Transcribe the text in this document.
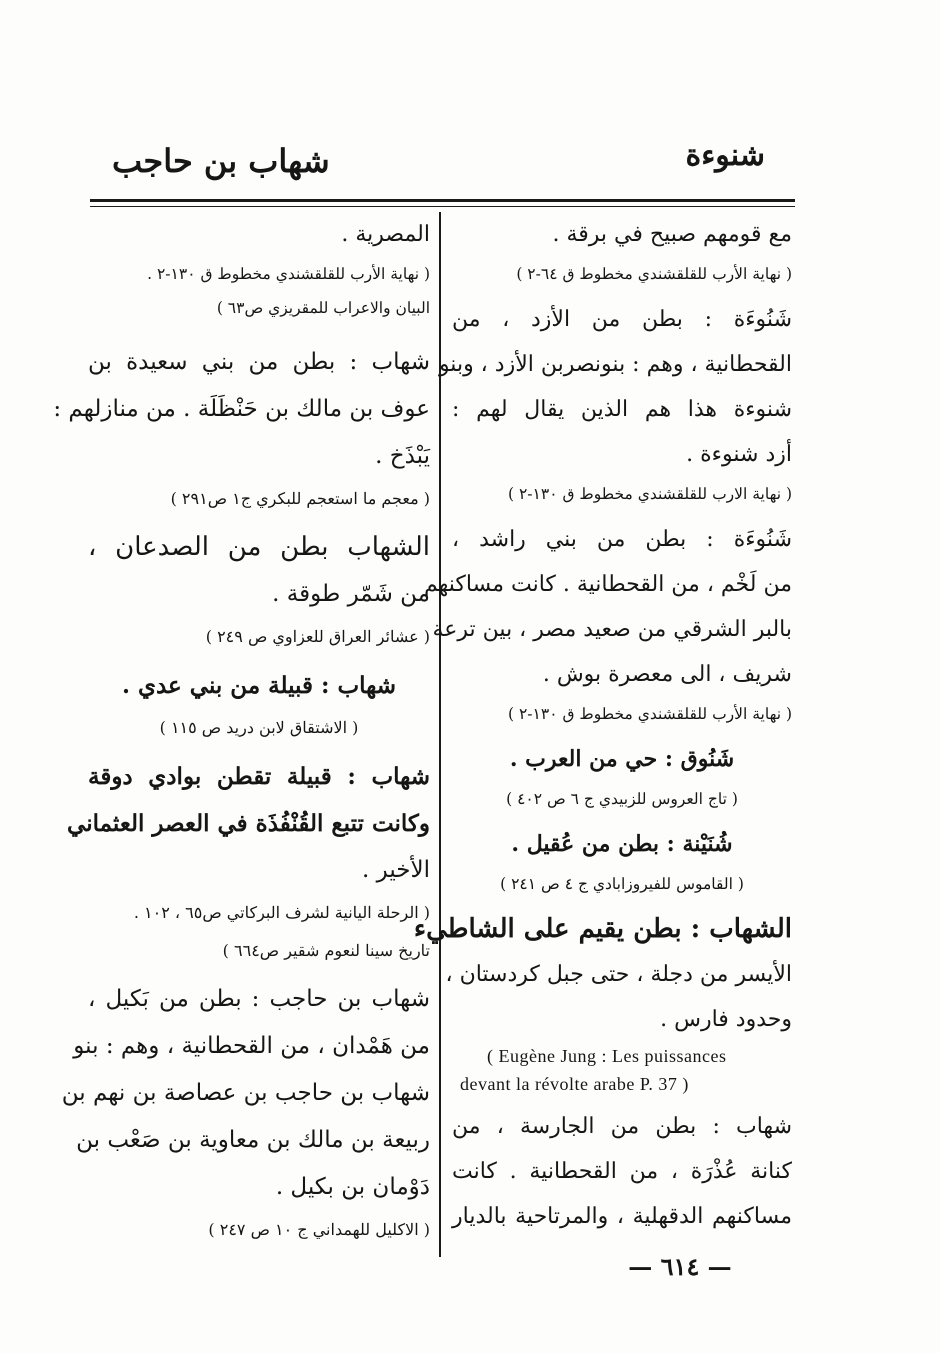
شنوءة
شهاب بن حاجب
مع قومهم صبيح في برقة .
( نهاية الأرب للقلقشندي مخطوط ق ٦٤-٢ )
شَنُوءَة : بطن من الأزد ، من
القحطانية ، وهم : بنونصربن الأزد ، وبنو
شنوءة هذا هم الذين يقال لهم :
أزد شنوءة .
( نهاية الارب للقلقشندي مخطوط ق ١٣٠-٢ )
شَنُوءَة : بطن من بني راشد ،
من لَخْم ، من القحطانية . كانت مساكنهم
بالبر الشرقي من صعيد مصر ، بين ترعة
شريف ، الى معصرة بوش .
( نهاية الأرب للقلقشندي مخطوط ق ١٣٠-٢ )
شَنُوق : حي من العرب .
( تاج العروس للزبيدي ج ٦ ص ٤٠٢ )
شُنَيْنة : بطن من عُقيل .
( القاموس للفيروزابادي ج ٤ ص ٢٤١ )
الشهاب : بطن يقيم على الشاطيء
الأيسر من دجلة ، حتى جبل كردستان ،
وحدود فارس .
( Eugène Jung : Les puissances
devant la révolte arabe P. 37 )
شهاب : بطن من الجارسة ، من
كنانة عُذْرَة ، من القحطانية . كانت
مساكنهم الدقهلية ، والمرتاحية بالديار
المصرية .
( نهاية الأرب للقلقشندي مخطوط ق ١٣٠-٢ .
البيان والاعراب للمقريزي ص٦٣ )
شهاب : بطن من بني سعيدة بن
عوف بن مالك بن حَنْظَلَة . من منازلهم :
يَبْذَخ .
( معجم ما استعجم للبكري ج١ ص٢٩١ )
الشهاب بطن من الصدعان ،
من شَمّر طوقة .
( عشائر العراق للعزاوي ص ٢٤٩ )
شهاب : قبيلة من بني عدي .
( الاشتقاق لابن دريد ص ١١٥ )
شهاب : قبيلة تقطن بوادي دوقة
وكانت تتبع القُنْفُذَة في العصر العثماني
الأخير .
( الرحلة اليانية لشرف البركاتي ص٦٥ ، ١٠٢ .
تاريخ سينا لنعوم شقير ص٦٦٤ )
شهاب بن حاجب : بطن من بَكيل ،
من هَمْدان ، من القحطانية ، وهم : بنو
شهاب بن حاجب بن عصاصة بن نهم بن
ربيعة بن مالك بن معاوية بن صَعْب بن
دَوْمان بن بكيل .
( الاكليل للهمداني ج ١٠ ص ٢٤٧ )
— ٦١٤ —
